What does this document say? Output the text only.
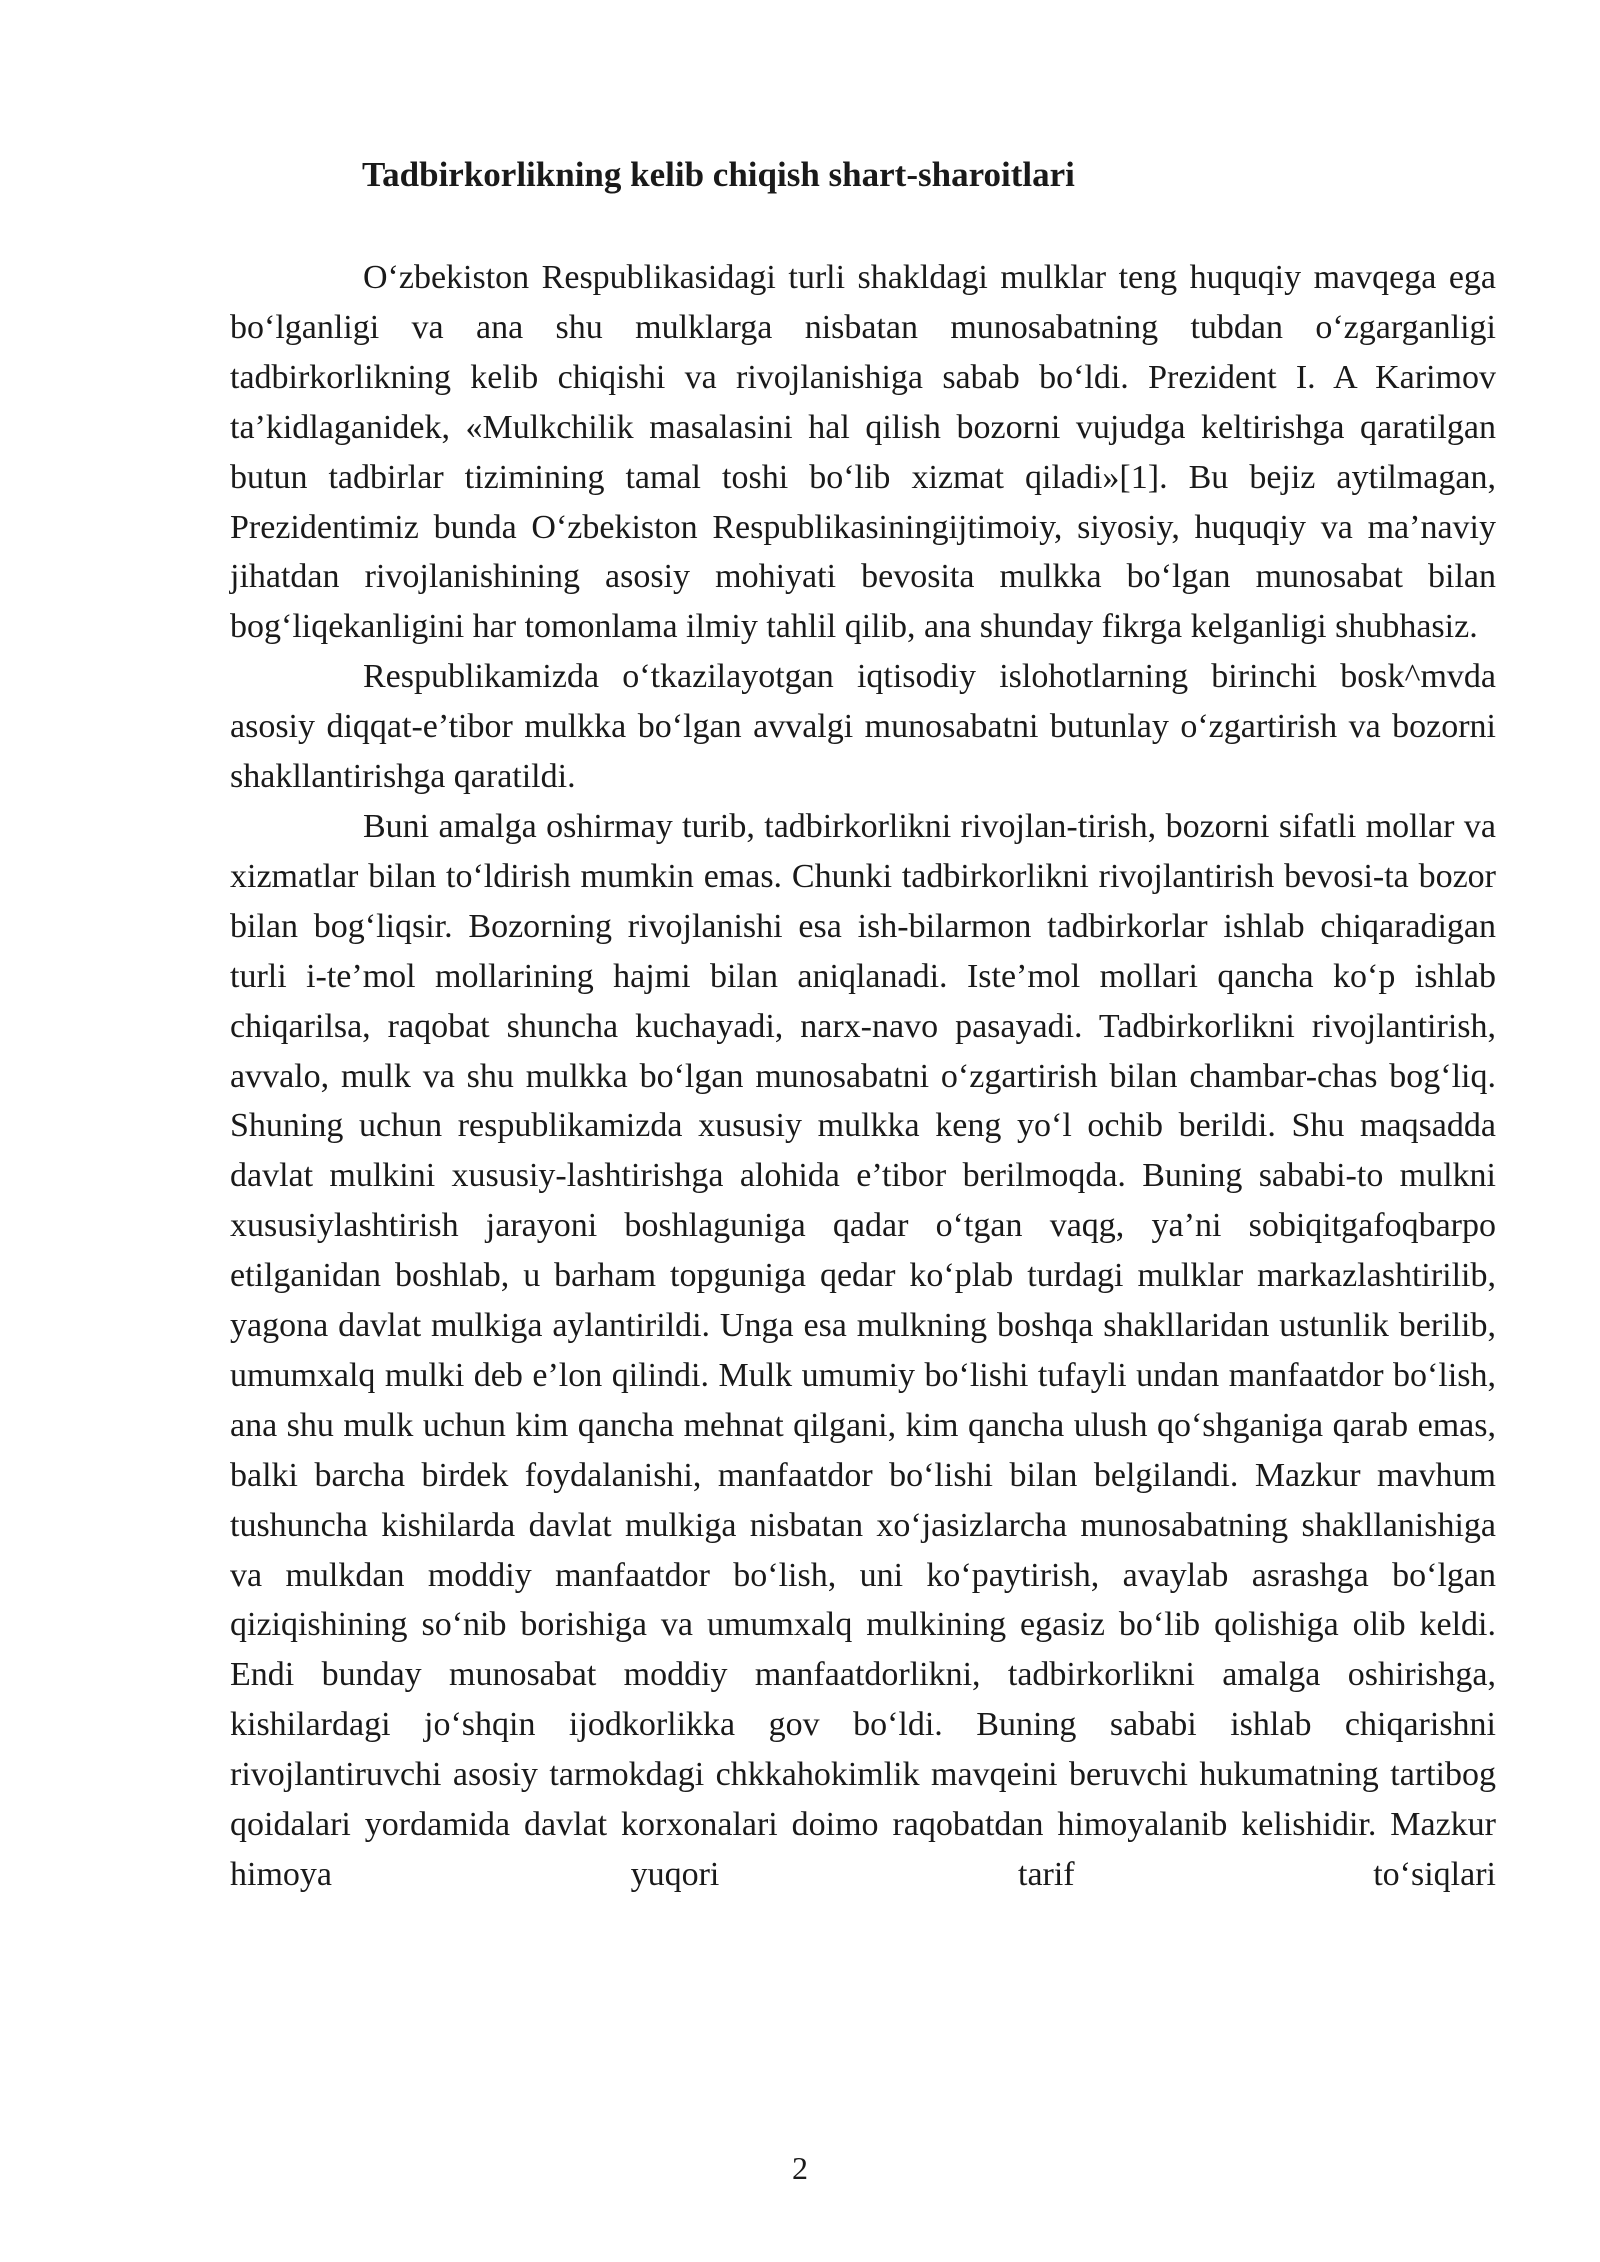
Tadbirkorlikning kelib chiqish shart-sharoitlari

O‘zbekiston Respublikasidagi turli shakldagi mulklar teng huquqiy mavqega ega bo‘lganligi va ana shu mulklarga nisbatan munosabatning tubdan o‘zgarganligi tadbirkorlikning kelib chiqishi va rivojlanishiga sabab bo‘ldi. Prezident I. A Karimov ta’kidlaganidek, «Mulkchilik masalasini hal qilish bozorni vujudga keltirishga qaratilgan butun tadbirlar tizimining tamal toshi bo‘lib xizmat qiladi»[1]. Bu bejiz aytilmagan, Prezidentimiz bunda O‘zbekiston Respublikasiningijtimoiy, siyosiy, huquqiy va ma’naviy jihatdan rivojlanishining asosiy mohiyati bevosita mulkka bo‘lgan munosabat bilan bog‘liqekanligini har tomonlama ilmiy tahlil qilib, ana shunday fikrga kelganligi shubhasiz.

Respublikamizda o‘tkazilayotgan iqtisodiy islohotlarning birinchi bosk^mvda asosiy diqqat-e’tibor mulkka bo‘lgan avvalgi munosabatni butunlay o‘zgartirish va bozorni shakllantirishga qaratildi.

Buni amalga oshirmay turib, tadbirkorlikni rivojlan-tirish, bozorni sifatli mollar va xizmatlar bilan to‘ldirish mumkin emas. Chunki tadbirkorlikni rivojlantirish bevosi-ta bozor bilan bog‘liqsir. Bozorning rivojlanishi esa ish-bilarmon tadbirkorlar ishlab chiqaradigan turli i-te’mol mollarining hajmi bilan aniqlanadi. Iste’mol mollari qancha ko‘p ishlab chiqarilsa, raqobat shuncha kuchayadi, narx-navo pasayadi. Tadbirkorlikni rivojlantirish, avvalo, mulk va shu mulkka bo‘lgan munosabatni o‘zgartirish bilan chambar-chas bog‘liq. Shuning uchun respublikamizda xususiy mulkka keng yo‘l ochib berildi. Shu maqsadda davlat mulkini xususiy-lashtirishga alohida e’tibor berilmoqda. Buning sababi-to mulkni xususiylashtirish jarayoni boshlaguniga qadar o‘tgan vaqg, ya’ni sobiqitgafoqbarpo etilganidan boshlab, u barham topguniga qedar ko‘plab turdagi mulklar markazlashtirilib, yagona davlat mulkiga aylantirildi. Unga esa mulkning boshqa shakllaridan ustunlik berilib, umumxalq mulki deb e’lon qilindi. Mulk umumiy bo‘lishi tufayli undan manfaatdor bo‘lish, ana shu mulk uchun kim qancha mehnat qilgani, kim qancha ulush qo‘shganiga qarab emas, balki barcha birdek foydalanishi, manfaatdor bo‘lishi bilan belgilandi. Mazkur mavhum tushuncha kishilarda davlat mulkiga nisbatan xo‘jasizlarcha munosabatning shakllanishiga va mulkdan moddiy manfaatdor bo‘lish, uni ko‘paytirish, avaylab asrashga bo‘lgan qiziqishining so‘nib borishiga va umumxalq mulkining egasiz bo‘lib qolishiga olib keldi. Endi bunday munosabat moddiy manfaatdorlikni, tadbirkorlikni amalga oshirishga, kishilardagi jo‘shqin ijodkorlikka gov bo‘ldi. Buning sababi ishlab chiqarishni rivojlantiruvchi asosiy tarmokdagi chkkahokimlik mavqeini beruvchi hukumatning tartibog qoidalari yordamida davlat korxonalari doimo raqobatdan himoyalanib kelishidir. Mazkur himoya yuqori tarif to‘siqlari

2
